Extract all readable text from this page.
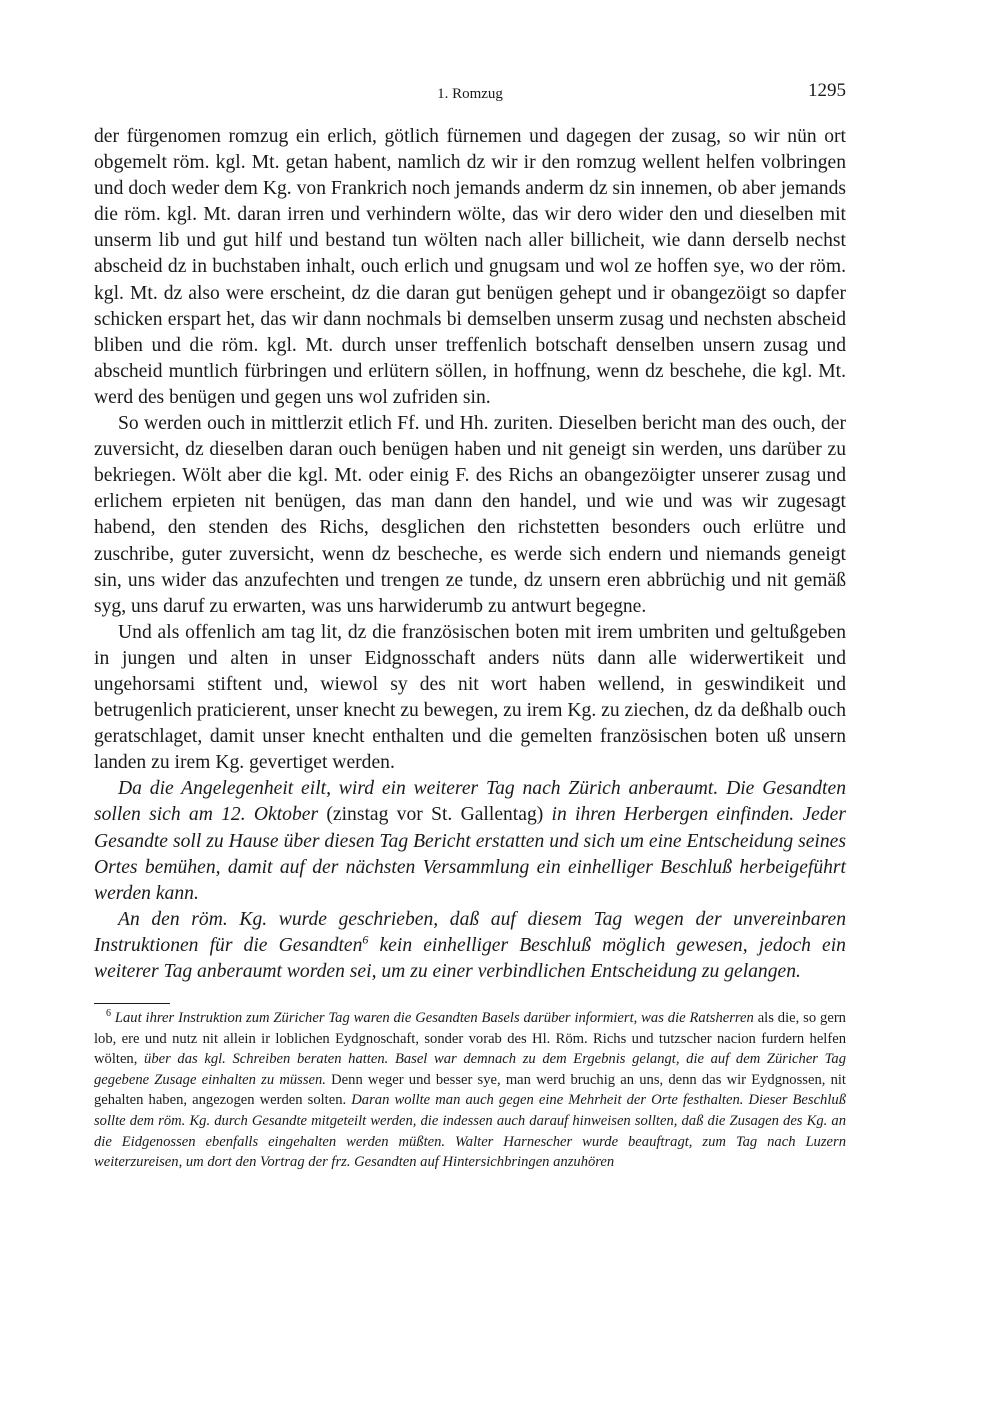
1. Romzug	1295

der fürgenomen romzug ein erlich, götlich fürnemen und dagegen der zusag, so wir nün ort obgemelt röm. kgl. Mt. getan habent, namlich dz wir ir den romzug wellent helfen volbringen und doch weder dem Kg. von Frankrich noch jemands anderm dz sin innemen, ob aber jemands die röm. kgl. Mt. daran irren und verhindern wölte, das wir dero wider den und dieselben mit unserm lib und gut hilf und bestand tun wölten nach aller billicheit, wie dann derselb nechst abscheid dz in buchstaben inhalt, ouch erlich und gnugsam und wol ze hoffen sye, wo der röm. kgl. Mt. dz also were erscheint, dz die daran gut benügen gehept und ir obangezöigt so dapfer schicken erspart het, das wir dann nochmals bi demselben unserm zusag und nechsten abscheid bliben und die röm. kgl. Mt. durch unser treffenlich botschaft denselben unsern zusag und abscheid muntlich fürbringen und erlütern söllen, in hoffnung, wenn dz beschehe, die kgl. Mt. werd des benügen und gegen uns wol zufriden sin.

So werden ouch in mittlerzit etlich Ff. und Hh. zuriten. Dieselben bericht man des ouch, der zuversicht, dz dieselben daran ouch benügen haben und nit geneigt sin werden, uns darüber zu bekriegen. Wölt aber die kgl. Mt. oder einig F. des Richs an obangezöigter unserer zusag und erlichem erpieten nit benügen, das man dann den handel, und wie und was wir zugesagt habend, den stenden des Richs, desglichen den richstetten besonders ouch erlütre und zuschribe, guter zuversicht, wenn dz bescheche, es werde sich endern und niemands geneigt sin, uns wider das anzufechten und trengen ze tunde, dz unsern eren abbrüchig und nit gemäß syg, uns daruf zu erwarten, was uns harwiderumb zu antwurt begegne.

Und als offenlich am tag lit, dz die französischen boten mit irem umbriten und geltußgeben in jungen und alten in unser Eidgnosschaft anders nüts dann alle widerwertikeit und ungehorsami stiftent und, wiewol sy des nit wort haben wellend, in geswindikeit und betrugenlich praticierent, unser knecht zu bewegen, zu irem Kg. zu ziechen, dz da deßhalb ouch geratschlaget, damit unser knecht enthalten und die gemelten französischen boten uß unsern landen zu irem Kg. gevertiget werden.

Da die Angelegenheit eilt, wird ein weiterer Tag nach Zürich anberaumt. Die Gesandten sollen sich am 12. Oktober (zinstag vor St. Gallentag) in ihren Herbergen einfinden. Jeder Gesandte soll zu Hause über diesen Tag Bericht erstatten und sich um eine Entscheidung seines Ortes bemühen, damit auf der nächsten Versammlung ein einhelliger Beschluß herbeigeführt werden kann.

An den röm. Kg. wurde geschrieben, daß auf diesem Tag wegen der unvereinbaren Instruktionen für die Gesandten$^6$ kein einhelliger Beschluß möglich gewesen, jedoch ein weiterer Tag anberaumt worden sei, um zu einer verbindlichen Entscheidung zu gelangen.

$^6$ Laut ihrer Instruktion zum Züricher Tag waren die Gesandten Basels darüber informiert, was die Ratsherren als die, so gern lob, ere und nutz nit allein ir loblichen Eydgnoschaft, sonder vorab des Hl. Röm. Richs und tutzscher nacion furdern helfen wölten, über das kgl. Schreiben beraten hatten. Basel war demnach zu dem Ergebnis gelangt, die auf dem Züricher Tag gegebene Zusage einhalten zu müssen. Denn weger und besser sye, man werd bruchig an uns, denn das wir Eydgnossen, nit gehalten haben, angezogen werden solten. Daran wollte man auch gegen eine Mehrheit der Orte festhalten. Dieser Beschluß sollte dem röm. Kg. durch Gesandte mitgeteilt werden, die indessen auch darauf hinweisen sollten, daß die Zusagen des Kg. an die Eidgenossen ebenfalls eingehalten werden müßten. Walter Harnescher wurde beauftragt, zum Tag nach Luzern weiterzureisen, um dort den Vortrag der frz. Gesandten auf Hintersichbringen anzuhören
